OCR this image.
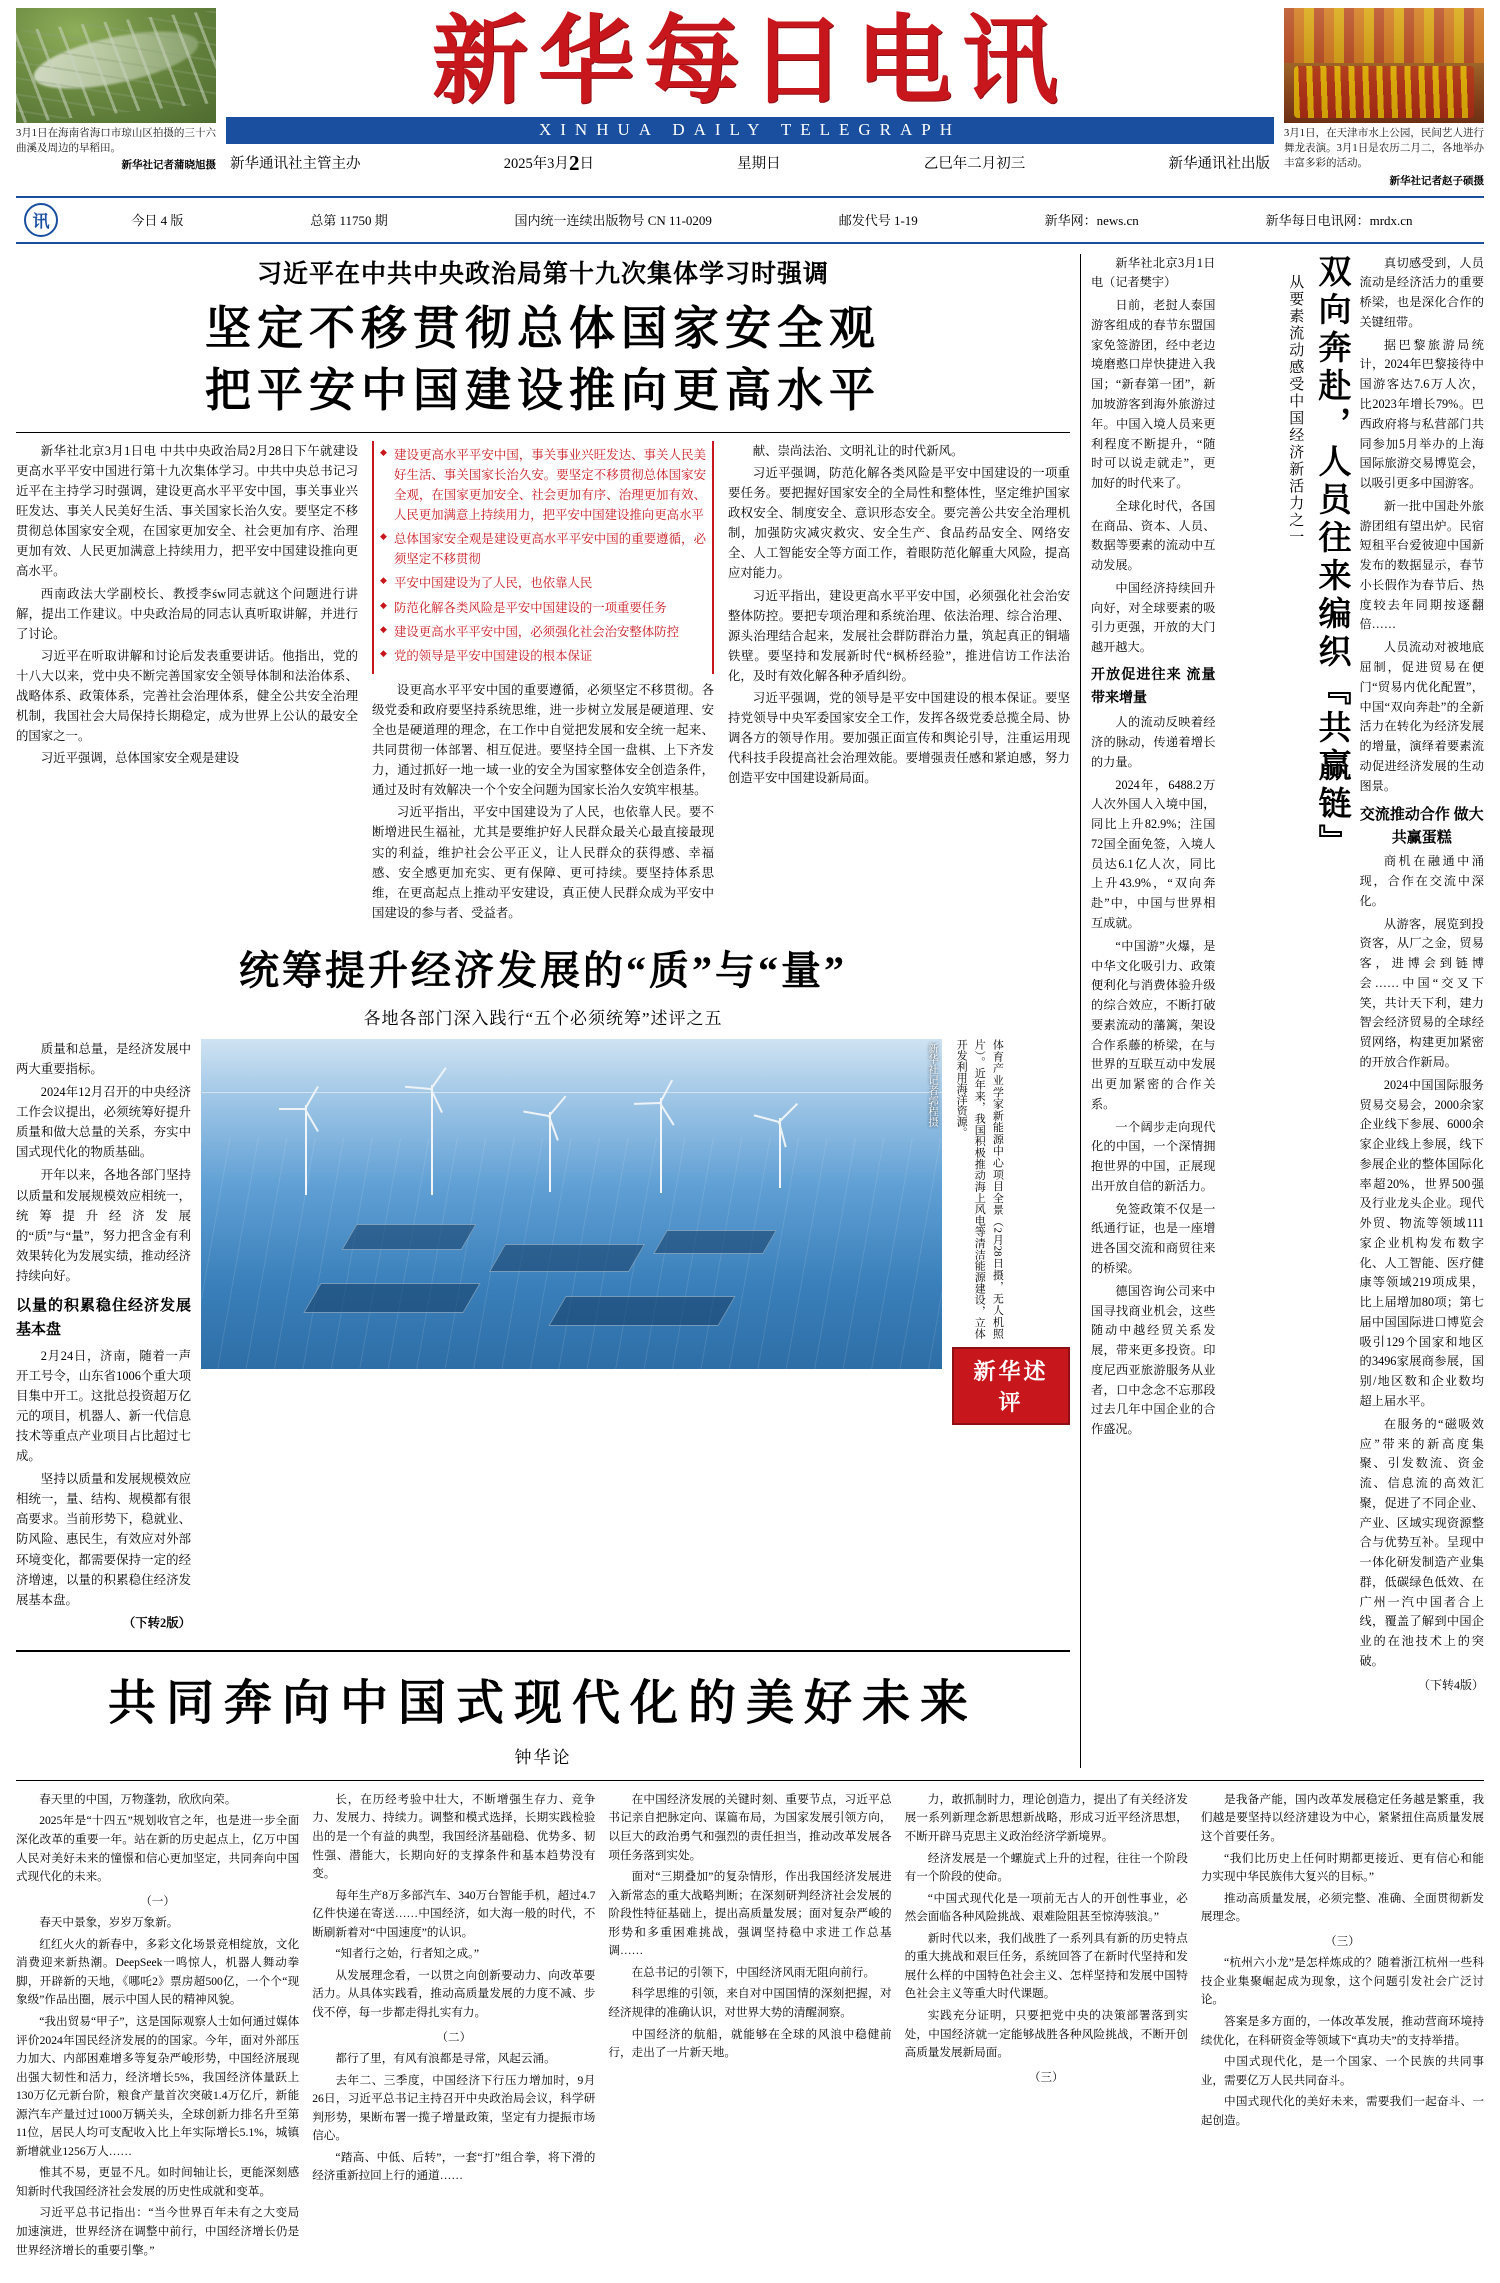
3月1日在海南省海口市琼山区拍摄的三十六曲溪及周边的早稻田。
新华社记者蒲晓旭摄
新华每日电讯
XINHUA DAILY TELEGRAPH
新华通讯社主管主办	2025年3月2日	星期日	乙巳年二月初三	新华通讯社出版
3月1日，在天津市水上公园，民间艺人进行舞龙表演。3月1日是农历二月二，各地举办丰富多彩的活动。
新华社记者赵子硕摄
讯
今日 4 版	总第 11750 期	国内统一连续出版物号 CN 11-0209	邮发代号 1-19	新华网：news.cn	新华每日电讯网：mrdx.cn
习近平在中共中央政治局第十九次集体学习时强调
坚定不移贯彻总体国家安全观
把平安中国建设推向更高水平

新华社北京3月1日电 中共中央政治局2月28日下午就建设更高水平平安中国进行第十九次集体学习。中共中央总书记习近平在主持学习时强调，建设更高水平平安中国，事关事业兴旺发达、事关人民美好生活、事关国家长治久安。要坚定不移贯彻总体国家安全观，在国家更加安全、社会更加有序、治理更加有效、人民更加满意上持续用力，把平安中国建设推向更高水平。

西南政法大学副校长、教授李św同志就这个问题进行讲解，提出工作建议。中央政治局的同志认真听取讲解，并进行了讨论。

习近平在听取讲解和讨论后发表重要讲话。他指出，党的十八大以来，党中央不断完善国家安全领导体制和法治体系、战略体系、政策体系，完善社会治理体系，健全公共安全治理机制，我国社会大局保持长期稳定，成为世界上公认的最安全的国家之一。

习近平强调，总体国家安全观是建设

◆ 建设更高水平平安中国，事关事业兴旺发达、事关人民美好生活、事关国家长治久安。要坚定不移贯彻总体国家安全观，在国家更加安全、社会更加有序、治理更加有效、人民更加满意上持续用力，把平安中国建设推向更高水平

◆ 总体国家安全观是建设更高水平平安中国的重要遵循，必须坚定不移贯彻

◆ 平安中国建设为了人民，也依靠人民

◆ 防范化解各类风险是平安中国建设的一项重要任务

◆ 建设更高水平平安中国，必须强化社会治安整体防控

◆ 党的领导是平安中国建设的根本保证

设更高水平平安中国的重要遵循，必须坚定不移贯彻。各级党委和政府要坚持系统思维，进一步树立发展是硬道理、安全也是硬道理的理念，在工作中自觉把发展和安全统一起来、共同贯彻一体部署、相互促进。要坚持全国一盘棋、上下齐发力，通过抓好一地一域一业的安全为国家整体安全创造条件，通过及时有效解决一个个安全问题为国家长治久安筑牢根基。

习近平指出，平安中国建设为了人民，也依靠人民。要不断增进民生福祉，尤其是要维护好人民群众最关心最直接最现实的利益，维护社会公平正义，让人民群众的获得感、幸福感、安全感更加充实、更有保障、更可持续。要坚持体系思维，在更高起点上推动平安建设，真正使人民群众成为平安中国建设的参与者、受益者。

献、崇尚法治、文明礼让的时代新风。

习近平强调，防范化解各类风险是平安中国建设的一项重要任务。要把握好国家安全的全局性和整体性，坚定维护国家政权安全、制度安全、意识形态安全。要完善公共安全治理机制，加强防灾减灾救灾、安全生产、食品药品安全、网络安全、人工智能安全等方面工作，着眼防范化解重大风险，提高应对能力。

习近平指出，建设更高水平平安中国，必须强化社会治安整体防控。要把专项治理和系统治理、依法治理、综合治理、源头治理结合起来，发展社会群防群治力量，筑起真正的铜墙铁壁。要坚持和发展新时代“枫桥经验”，推进信访工作法治化，及时有效化解各种矛盾纠纷。

习近平强调，党的领导是平安中国建设的根本保证。要坚持党领导中央军委国家安全工作，发挥各级党委总揽全局、协调各方的领导作用。要加强正面宣传和舆论引导，注重运用现代科技手段提高社会治理效能。要增强责任感和紧迫感，努力创造平安中国建设新局面。

统筹提升经济发展的“质”与“量”
各地各部门深入践行“五个必须统筹”述评之五

质量和总量，是经济发展中两大重要指标。

2024年12月召开的中央经济工作会议提出，必须统筹好提升质量和做大总量的关系，夯实中国式现代化的物质基础。

开年以来，各地各部门坚持以质量和发展规模效应相统一，统筹提升经济发展的“质”与“量”，努力把含金有利效果转化为发展实绩，推动经济持续向好。

以量的积累稳住经济发展基本盘

2月24日，济南，随着一声开工号令，山东省1006个重大项目集中开工。这批总投资超万亿元的项目，机器人、新一代信息技术等重点产业项目占比超过七成。

坚持以质量和发展规模效应相统一，量、结构、规模都有很高要求。当前形势下，稳就业、防风险、惠民生，有效应对外部环境变化，都需要保持一定的经济增速，以量的积累稳住经济发展基本盘。

（下转2版）

新华社记者郭程摄	体育产业学家新能源中心项目全景（2月28日摄，无人机照片）。近年来，我国积极推动海上风电等清洁能源建设，立体开发利用海洋资源。
新华述评
共同奔向中国式现代化的美好未来
钟华论

新华社北京3月1日电（记者樊宇）

日前，老挝人泰国游客组成的春节东盟国家免签游团，经中老边境磨憨口岸快捷进入我国；“新春第一团”，新加坡游客到海外旅游过年。中国入境人员来更利程度不断提升，“随时可以说走就走”，更加好的时代来了。

全球化时代，各国在商品、资本、人员、数据等要素的流动中互动发展。

中国经济持续回升向好，对全球要素的吸引力更强，开放的大门越开越大。

开放促进往来 流量带来增量

人的流动反映着经济的脉动，传递着增长的力量。

2024年，6488.2万人次外国人入境中国，同比上升82.9%；注国72国全面免签，入境人员达6.1亿人次，同比上升43.9%，“双向奔赴”中，中国与世界相互成就。

“中国游”火爆，是中华文化吸引力、政策便利化与消费体验升级的综合效应，不断打破要素流动的藩篱，架设合作系藤的桥梁，在与世界的互联互动中发展出更加紧密的合作关系。

一个阔步走向现代化的中国，一个深情拥抱世界的中国，正展现出开放自信的新活力。

免签政策不仅是一纸通行证，也是一座增进各国交流和商贸往来的桥梁。

德国咨询公司来中国寻找商业机会，这些随动中越经贸关系发展，带来更多投资。印度尼西亚旅游服务从业者，口中念念不忘那段过去几年中国企业的合作盛况。

双向奔赴，人员往来编织『共赢链』
从要素流动感受中国经济新活力之一

真切感受到，人员流动是经济活力的重要桥梁，也是深化合作的关键纽带。

据巴黎旅游局统计，2024年巴黎接待中国游客达7.6万人次，比2023年增长79%。巴西政府将与私营部门共同参加5月举办的上海国际旅游交易博览会，以吸引更多中国游客。

新一批中国赴外旅游团组有望出炉。民宿短租平台爱彼迎中国新发布的数据显示，春节小长假作为春节后、热度较去年同期按逐翻倍……

人员流动对被地底屈制，促进贸易在便门“贸易内优化配置”，中国“双向奔赴”的全新活力在转化为经济发展的增量，演绎着要素流动促进经济发展的生动图景。

交流推动合作 做大共赢蛋糕

商机在融通中涌现，合作在交流中深化。

从游客，展览到投资客，从厂之金，贸易客，进博会到链博会……中国“交叉下笑，共计天下利，建力智会经济贸易的全球经贸网络，构建更加紧密的开放合作新局。

2024中国国际服务贸易交易会，2000余家企业线下参展、6000余家企业线上参展，线下参展企业的整体国际化率超20%，世界500强及行业龙头企业。现代外贸、物流等领域111家企业机构发布数字化、人工智能、医疗健康等领域219项成果，比上届增加80项；第七届中国国际进口博览会吸引129个国家和地区的3496家展商参展，国别/地区数和企业数均超上届水平。

在服务的“磁吸效应”带来的新高度集聚、引发数流、资金流、信息流的高效汇聚，促进了不同企业、产业、区域实现资源整合与优势互补。呈现中一体化研发制造产业集群，低碳绿色低效、在广州一汽中国者合上线，覆盖了解到中国企业的在池技术上的突破。

（下转4版）

春天里的中国，万物蓬勃，欣欣向荣。

2025年是“十四五”规划收官之年，也是进一步全面深化改革的重要一年。站在新的历史起点上，亿万中国人民对美好未来的憧憬和信心更加坚定，共同奔向中国式现代化的未来。

（一）

春天中景象，岁岁万象新。

红红火火的新春中，多彩文化场景竞相绽放，文化消费迎来新热潮。DeepSeek一鸣惊人，机器人舞动拳脚，开辟新的天地，《哪吒2》票房超500亿，一个个“现象级”作品出圈，展示中国人民的精神风貌。

“我出贸易“甲子”，这是国际观察人士如何通过媒体评价2024年国民经济发展的的国家。今年，面对外部压力加大、内部困难增多等复杂严峻形势，中国经济展现出强大韧性和活力，经济增长5%，我国经济体量跃上130万亿元新台阶，粮食产量首次突破1.4万亿斤，新能源汽车产量过过1000万辆关头，全球创新力排名升至第11位，居民人均可支配收入比上年实际增长5.1%，城镇新增就业1256万人……

惟其不易，更显不凡。如时间轴让长，更能深刻感知新时代我国经济社会发展的历史性成就和变革。

习近平总书记指出：“当今世界百年未有之大变局加速演进，世界经济在调整中前行，中国经济增长仍是世界经济增长的重要引擎。”

长，在历经考验中壮大，不断增强生存力、竞争力、发展力、持续力。调整和模式选择，长期实践检验出的是一个有益的典型，我国经济基础稳、优势多、韧性强、潜能大，长期向好的支撑条件和基本趋势没有变。

每年生产8万多部汽车、340万台智能手机，超过4.7亿件快递在寄送……中国经济，如大海一般的时代，不断刷新着对“中国速度”的认识。

“知者行之始，行者知之成。”

从发展理念看，一以贯之向创新要动力、向改革要活力。从具体实践看，推动高质量发展的力度不减、步伐不停，每一步都走得扎实有力。

（二）

都行了里，有风有浪都是寻常，风起云涌。

去年二、三季度，中国经济下行压力增加时，9月26日，习近平总书记主持召开中央政治局会议，科学研判形势，果断布署一揽子增量政策，坚定有力提振市场信心。

“踏高、中低、后转”，一套“打”组合拳，将下滑的经济重新拉回上行的通道……

在中国经济发展的关键时刻、重要节点，习近平总书记亲自把脉定向、谋篇布局，为国家发展引领方向，以巨大的政治勇气和强烈的责任担当，推动改革发展各项任务落到实处。

面对“三期叠加”的复杂情形，作出我国经济发展进入新常态的重大战略判断；在深刻研判经济社会发展的阶段性特征基础上，提出高质量发展；面对复杂严峻的形势和多重困难挑战，强调坚持稳中求进工作总基调……

在总书记的引领下，中国经济风雨无阻向前行。

科学思维的引领，来自对中国国情的深刻把握，对经济规律的准确认识，对世界大势的清醒洞察。

中国经济的航船，就能够在全球的风浪中稳健前行，走出了一片新天地。

力，敢抓制时力，理论创造力，提出了有关经济发展一系列新理念新思想新战略，形成习近平经济思想，不断开辟马克思主义政治经济学新境界。

经济发展是一个螺旋式上升的过程，往往一个阶段有一个阶段的使命。

“中国式现代化是一项前无古人的开创性事业，必然会面临各种风险挑战、艰难险阻甚至惊涛骇浪。”

新时代以来，我们战胜了一系列具有新的历史特点的重大挑战和艰巨任务，系统回答了在新时代坚持和发展什么样的中国特色社会主义、怎样坚持和发展中国特色社会主义等重大时代课题。

实践充分证明，只要把党中央的决策部署落到实处，中国经济就一定能够战胜各种风险挑战，不断开创高质量发展新局面。

（三）

是我备产能，国内改革发展稳定任务越是繁重，我们越是要坚持以经济建设为中心，紧紧扭住高质量发展这个首要任务。

“我们比历史上任何时期都更接近、更有信心和能力实现中华民族伟大复兴的目标。”

推动高质量发展，必须完整、准确、全面贯彻新发展理念。

（三）

“杭州六小龙”是怎样炼成的？随着浙江杭州一些科技企业集聚崛起成为现象，这个问题引发社会广泛讨论。

答案是多方面的，一体改革发展，推动营商环境持续优化，在科研资金等领域下“真功夫”的支持举措。

中国式现代化，是一个国家、一个民族的共同事业，需要亿万人民共同奋斗。

中国式现代化的美好未来，需要我们一起奋斗、一起创造。
